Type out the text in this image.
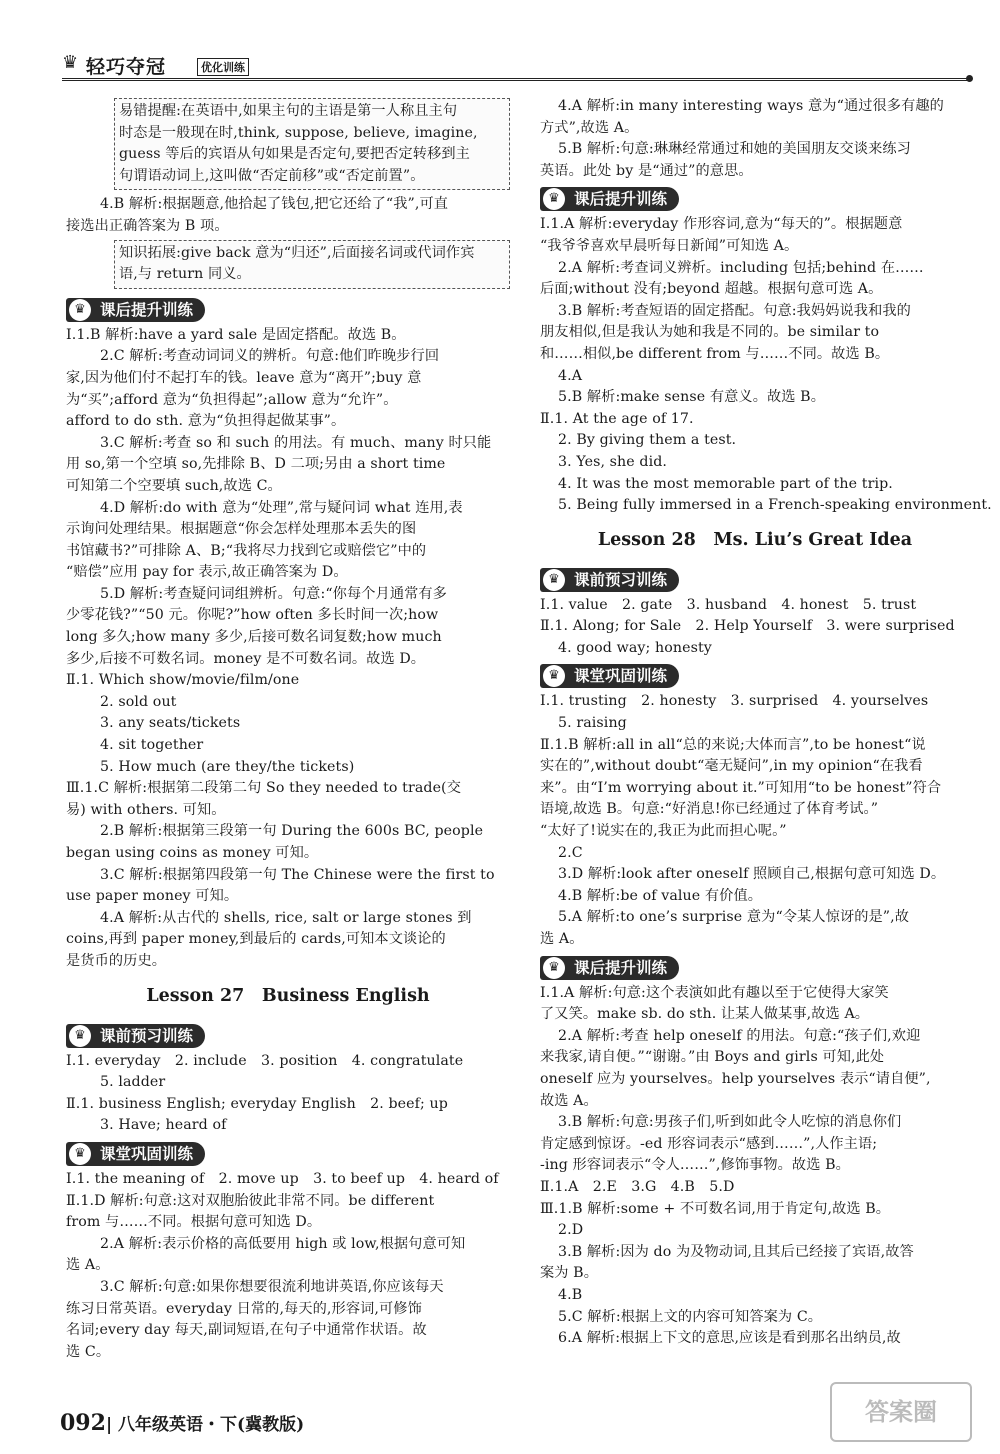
♛ 轻巧夺冠	优化训练
易错提醒:在英语中,如果主句的主语是第一人称且主句
时态是一般现在时,think, suppose, believe, imagine,
guess 等后的宾语从句如果是否定句,要把否定转移到主
句谓语动词上,这叫做“否定前移”或“否定前置”。
4.B 解析:根据题意,他拾起了钱包,把它还给了“我”,可直
接选出正确答案为 B 项。
知识拓展:give back 意为“归还”,后面接名词或代词作宾
语,与 return 同义。
♛ 课后提升训练
Ⅰ.1.B 解析:have a yard sale 是固定搭配。故选 B。
2.C 解析:考查动词词义的辨析。句意:他们昨晚步行回
家,因为他们付不起打车的钱。leave 意为“离开”;buy 意
为“买”;afford 意为“负担得起”;allow 意为“允许”。
afford to do sth. 意为“负担得起做某事”。
3.C 解析:考查 so 和 such 的用法。有 much、many 时只能
用 so,第一个空填 so,先排除 B、D 二项;另由 a short time
可知第二个空要填 such,故选 C。
4.D 解析:do with 意为“处理”,常与疑问词 what 连用,表
示询问处理结果。根据题意“你会怎样处理那本丢失的图
书馆藏书?”可排除 A、B;“我将尽力找到它或赔偿它”中的
“赔偿”应用 pay for 表示,故正确答案为 D。
5.D 解析:考查疑问词组辨析。句意:“你每个月通常有多
少零花钱?”“50 元。你呢?”how often 多长时间一次;how
long 多久;how many 多少,后接可数名词复数;how much
多少,后接不可数名词。money 是不可数名词。故选 D。
Ⅱ.1. Which show/movie/film/one
2. sold out
3. any seats/tickets
4. sit together
5. How much (are they/the tickets)
Ⅲ.1.C 解析:根据第二段第二句 So they needed to trade(交
易) with others. 可知。
2.B 解析:根据第三段第一句 During the 600s BC, people
began using coins as money 可知。
3.C 解析:根据第四段第一句 The Chinese were the first to
use paper money 可知。
4.A 解析:从古代的 shells, rice, salt or large stones 到
coins,再到 paper money,到最后的 cards,可知本文谈论的
是货币的历史。
Lesson 27　Business English
♛ 课前预习训练
Ⅰ.1. everyday　2. include　3. position　4. congratulate
5. ladder
Ⅱ.1. business English; everyday English　2. beef; up
3. Have; heard of
♛ 课堂巩固训练
Ⅰ.1. the meaning of　2. move up　3. to beef up　4. heard of
Ⅱ.1.D 解析:句意:这对双胞胎彼此非常不同。be different
from 与……不同。根据句意可知选 D。
2.A 解析:表示价格的高低要用 high 或 low,根据句意可知
选 A。
3.C 解析:句意:如果你想要很流利地讲英语,你应该每天
练习日常英语。everyday 日常的,每天的,形容词,可修饰
名词;every day 每天,副词短语,在句子中通常作状语。故
选 C。
4.A 解析:in many interesting ways 意为“通过很多有趣的
方式”,故选 A。
5.B 解析:句意:琳琳经常通过和她的美国朋友交谈来练习
英语。此处 by 是“通过”的意思。
♛ 课后提升训练
Ⅰ.1.A 解析:everyday 作形容词,意为“每天的”。根据题意
“我爷爷喜欢早晨听每日新闻”可知选 A。
2.A 解析:考查词义辨析。including 包括;behind 在……
后面;without 没有;beyond 超越。根据句意可选 A。
3.B 解析:考查短语的固定搭配。句意:我妈妈说我和我的
朋友相似,但是我认为她和我是不同的。be similar to
和……相似,be different from 与……不同。故选 B。
4.A
5.B 解析:make sense 有意义。故选 B。
Ⅱ.1. At the age of 17.
2. By giving them a test.
3. Yes, she did.
4. It was the most memorable part of the trip.
5. Being fully immersed in a French-speaking environment.
Lesson 28　Ms. Liu’s Great Idea
♛ 课前预习训练
Ⅰ.1. value　2. gate　3. husband　4. honest　5. trust
Ⅱ.1. Along; for Sale　2. Help Yourself　3. were surprised
4. good way; honesty
♛ 课堂巩固训练
Ⅰ.1. trusting　2. honesty　3. surprised　4. yourselves
5. raising
Ⅱ.1.B 解析:all in all“总的来说;大体而言”,to be honest“说
实在的”,without doubt“毫无疑问”,in my opinion“在我看
来”。由“I’m worrying about it.”可知用“to be honest”符合
语境,故选 B。句意:“好消息!你已经通过了体育考试。”
“太好了!说实在的,我正为此而担心呢。”
2.C
3.D 解析:look after oneself 照顾自己,根据句意可知选 D。
4.B 解析:be of value 有价值。
5.A 解析:to one’s surprise 意为“令某人惊讶的是”,故
选 A。
♛ 课后提升训练
Ⅰ.1.A 解析:句意:这个表演如此有趣以至于它使得大家笑
了又笑。make sb. do sth. 让某人做某事,故选 A。
2.A 解析:考查 help oneself 的用法。句意:“孩子们,欢迎
来我家,请自便。”“谢谢。”由 Boys and girls 可知,此处
oneself 应为 yourselves。help yourselves 表示“请自便”,
故选 A。
3.B 解析:句意:男孩子们,听到如此令人吃惊的消息你们
肯定感到惊讶。-ed 形容词表示“感到……”,人作主语;
-ing 形容词表示“令人……”,修饰事物。故选 B。
Ⅱ.1.A　2.E　3.G　4.B　5.D
Ⅲ.1.B 解析:some + 不可数名词,用于肯定句,故选 B。
2.D
3.B 解析:因为 do 为及物动词,且其后已经接了宾语,故答
案为 B。
4.B
5.C 解析:根据上文的内容可知答案为 C。
6.A 解析:根据上下文的意思,应该是看到那名出纳员,故
092| 八年级英语・下(冀教版)	答案圈
